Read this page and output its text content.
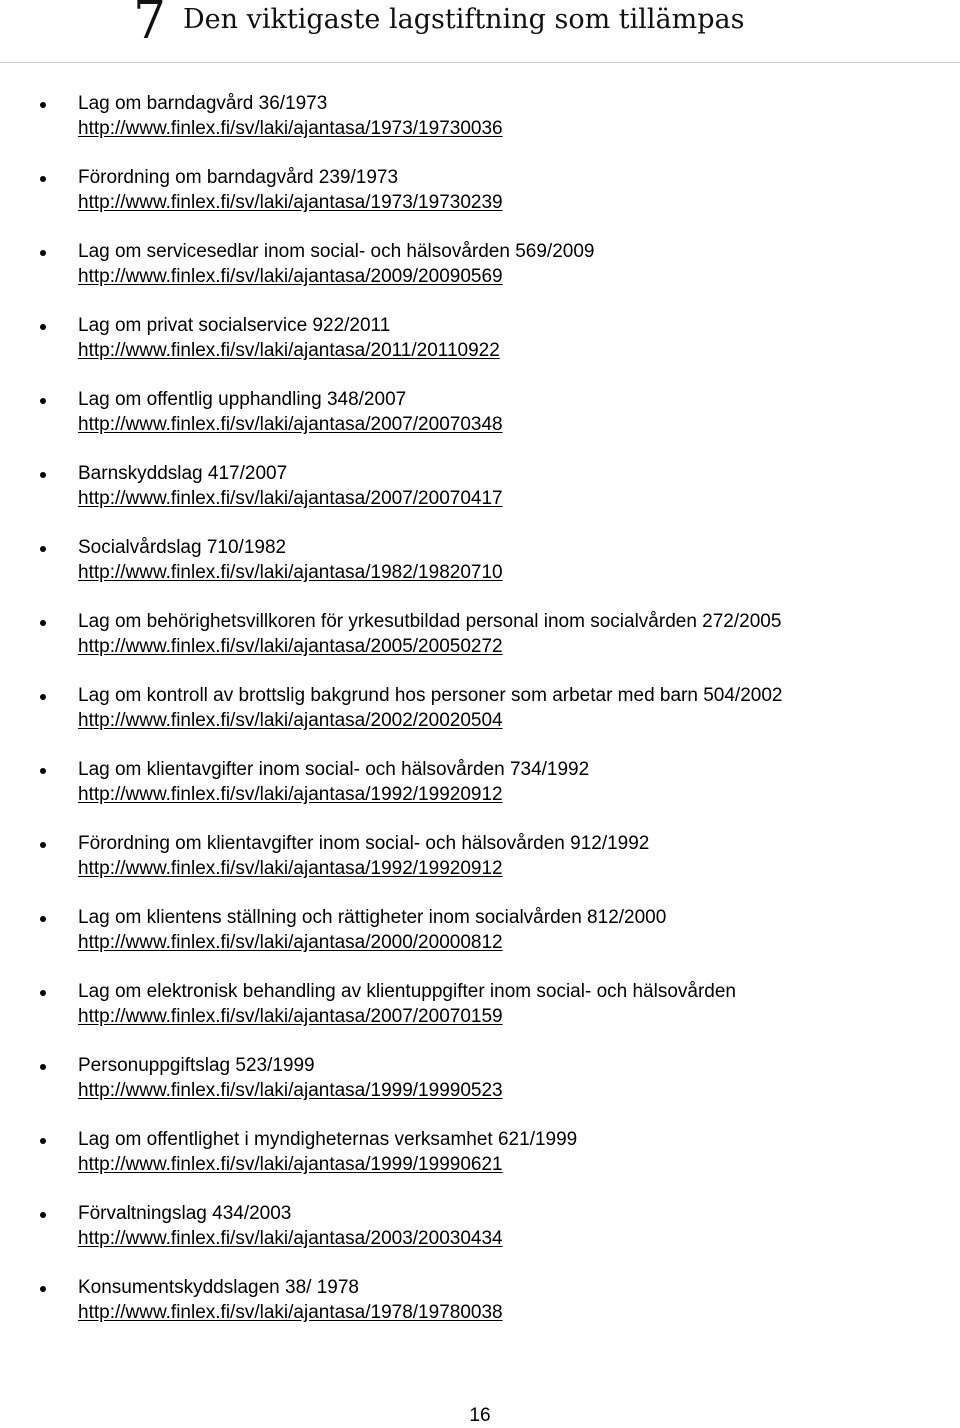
7 Den viktigaste lagstiftning som tillämpas
Lag om barndagvård 36/1973
http://www.finlex.fi/sv/laki/ajantasa/1973/19730036
Förordning om barndagvård 239/1973
http://www.finlex.fi/sv/laki/ajantasa/1973/19730239
Lag om servicesedlar inom social- och hälsovården 569/2009
http://www.finlex.fi/sv/laki/ajantasa/2009/20090569
Lag om privat socialservice 922/2011
http://www.finlex.fi/sv/laki/ajantasa/2011/20110922
Lag om offentlig upphandling 348/2007
http://www.finlex.fi/sv/laki/ajantasa/2007/20070348
Barnskyddslag 417/2007
http://www.finlex.fi/sv/laki/ajantasa/2007/20070417
Socialvårdslag 710/1982
http://www.finlex.fi/sv/laki/ajantasa/1982/19820710
Lag om behörighetsvillkoren för yrkesutbildad personal inom socialvården 272/2005
http://www.finlex.fi/sv/laki/ajantasa/2005/20050272
Lag om kontroll av brottslig bakgrund hos personer som arbetar med barn 504/2002
http://www.finlex.fi/sv/laki/ajantasa/2002/20020504
Lag om klientavgifter inom social- och hälsovården 734/1992
http://www.finlex.fi/sv/laki/ajantasa/1992/19920912
Förordning om klientavgifter inom social- och hälsovården 912/1992
http://www.finlex.fi/sv/laki/ajantasa/1992/19920912
Lag om klientens ställning och rättigheter inom socialvården 812/2000
http://www.finlex.fi/sv/laki/ajantasa/2000/20000812
Lag om elektronisk behandling av klientuppgifter inom social- och hälsovården
http://www.finlex.fi/sv/laki/ajantasa/2007/20070159
Personuppgiftslag 523/1999
http://www.finlex.fi/sv/laki/ajantasa/1999/19990523
Lag om offentlighet i myndigheternas verksamhet 621/1999
http://www.finlex.fi/sv/laki/ajantasa/1999/19990621
Förvaltningslag 434/2003
http://www.finlex.fi/sv/laki/ajantasa/2003/20030434
Konsumentskyddslagen 38/ 1978
http://www.finlex.fi/sv/laki/ajantasa/1978/19780038
16
